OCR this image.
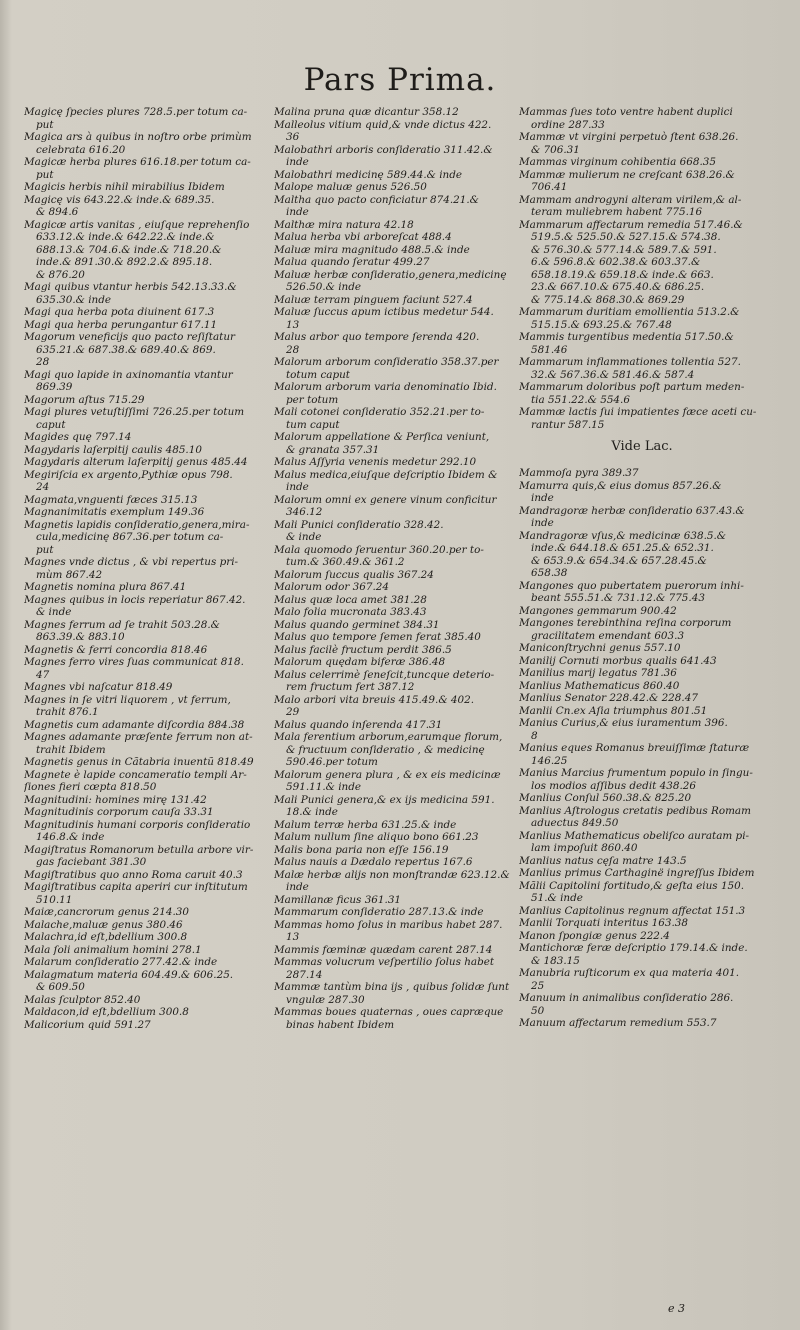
Pars Prima.
Magicę ſpecies plures 728.5.per totum ca-
put
Magica ars à quibus in noſtro orbe primùm
celebrata 616.20
Magicæ herba plures 616.18.per totum ca-
put
Magicis herbis nihil mirabilius Ibidem
Magicę vis 643.22.& inde.& 689.35.
& 894.6
Magicæ artis vanitas , eiuſque reprehenſio
633.12.& inde.& 642.22.& inde.&
688.13.& 704.6.& inde.& 718.20.&
inde.& 891.30.& 892.2.& 895.18.
& 876.20
Magi quibus vtantur herbis 542.13.33.&
635.30.& inde
Magi qua herba pota diuinent 617.3
Magi qua herba perungantur 617.11
Magorum veneficijs quo pacto reſiſtatur
635.21.& 687.38.& 689.40.& 869.
28
Magi quo lapide in axinomantia vtantur
869.39
Magorum aſtus 715.29
Magi plures vetuſtiſſimi 726.25.per totum
caput
Magides quę 797.14
Magydaris laſerpitij caulis 485.10
Magydaris alterum laſerpitij genus 485.44
Megiriſcia ex argento,Pythiæ opus 798.
24
Magmata,vnguenti fæces 315.13
Magnanimitatis exemplum 149.36
Magnetis lapidis conſideratio,genera,mira-
cula,medicinę 867.36.per totum ca-
put
Magnes vnde dictus , & vbi repertus pri-
mùm 867.42
Magnetis nomina plura 867.41
Magnes quibus in locis reperiatur 867.42.
& inde
Magnes ferrum ad ſe trahit 503.28.&
863.39.& 883.10
Magnetis & ferri concordia 818.46
Magnes ferro vires ſuas communicat 818.
47
Magnes vbi naſcatur 818.49
Magnes in ſe vitri liquorem , vt ferrum,
trahit 876.1
Magnetis cum adamante diſcordia 884.38
Magnes adamante præſente ferrum non at-
trahit Ibidem
Magnetis genus in Cãtabria inuentũ 818.49
Magnete è lapide concameratio templi Ar-
ſiones fieri cœpta 818.50
Magnitudini: homines mirę 131.42
Magnitudinis corporum cauſa 33.31
Magnitudinis humani corporis conſideratio
146.8.& inde
Magiſtratus Romanorum betulla arbore vir-
gas faciebant 381.30
Magiſtratibus quo anno Roma caruit 40.3
Magiſtratibus capita aperiri cur inſtitutum
510.11
Maiæ,cancrorum genus 214.30
Malache,maluæ genus 380.46
Malachra,id eſt,bdellium 300.8
Mala ſoli animalium homini 278.1
Malarum conſideratio 277.42.& inde
Malagmatum materia 604.49.& 606.25.
& 609.50
Malas ſculptor 852.40
Maldacon,id eſt,bdellium 300.8
Malicorium quid 591.27
Malina pruna quæ dicantur 358.12
Malleolus vitium quid,& vnde dictus 422.
36
Malobathri arboris conſideratio 311.42.&
inde
Malobathri medicinę 589.44.& inde
Malope maluæ genus 526.50
Maltha quo pacto conficiatur 874.21.&
inde
Malthæ mira natura 42.18
Malua herba vbi arboreſcat 488.4
Maluæ mira magnitudo 488.5.& inde
Malua quando ſeratur 499.27
Maluæ herbæ conſideratio,genera,medicinę
526.50.& inde
Maluæ terram pinguem faciunt 527.4
Maluæ ſuccus apum ictibus medetur 544.
13
Malus arbor quo tempore ſerenda 420.
28
Malorum arborum conſideratio 358.37.per
totum caput
Malorum arborum varia denominatio Ibid.
per totum
Mali cotonei conſideratio 352.21.per to-
tum caput
Malorum appellatione & Perſica veniunt,
& granata 357.31
Malus Aſſyria venenis medetur 292.10
Malus medica,eiuſque deſcriptio Ibidem &
inde
Malorum omni ex genere vinum conficitur
346.12
Mali Punici conſideratio 328.42.
& inde
Mala quomodo ſeruentur 360.20.per to-
tum.& 360.49.& 361.2
Malorum ſuccus qualis 367.24
Malorum odor 367.24
Malus quæ loca amet 381.28
Malo folia mucronata 383.43
Malus quando germinet 384.31
Malus quo tempore ſemen ferat 385.40
Malus facilè fructum perdit 386.5
Malorum quędam biferæ 386.48
Malus celerrimè ſeneſcit,tuncque deterio-
rem fructum fert 387.12
Malo arbori vita breuis 415.49.& 402.
29
Malus quando inſerenda 417.31
Mala ferentium arborum,earumque florum,
& fructuum conſideratio , & medicinę
590.46.per totum
Malorum genera plura , & ex eis medicinæ
591.11.& inde
Mali Punici genera,& ex ijs medicina 591.
18.& inde
Malum terræ herba 631.25.& inde
Malum nullum ſine aliquo bono 661.23
Malis bona paria non eſſe 156.19
Malus nauis a Dædalo repertus 167.6
Malæ herbæ alijs non monſtrandæ 623.12.&
inde
Mamillanæ ficus 361.31
Mammarum conſideratio 287.13.& inde
Mammas homo ſolus in maribus habet 287.
13
Mammis fœminæ quædam carent 287.14
Mammas volucrum veſpertilio ſolus habet
287.14
Mammæ tantùm bina ijs , quibus ſolidæ ſunt
vngulæ 287.30
Mammas boues quaternas , oues capræque
binas habent Ibidem
Mammas ſues toto ventre habent duplici
ordine 287.33
Mammæ vt virgini perpetuò ſtent 638.26.
& 706.31
Mammas virginum cohibentia 668.35
Mammæ mulierum ne creſcant 638.26.&
706.41
Mammam androgyni alteram virilem,& al-
teram muliebrem habent 775.16
Mammarum affectarum remedia 517.46.&
519.5.& 525.50.& 527.15.& 574.38.
& 576.30.& 577.14.& 589.7.& 591.
6.& 596.8.& 602.38.& 603.37.&
658.18.19.& 659.18.& inde.& 663.
23.& 667.10.& 675.40.& 686.25.
& 775.14.& 868.30.& 869.29
Mammarum duritiam emollientia 513.2.&
515.15.& 693.25.& 767.48
Mammis turgentibus medentia 517.50.&
581.46
Mammarum inflammationes tollentia 527.
32.& 567.36.& 581.46.& 587.4
Mammarum doloribus poſt partum meden-
tia 551.22.& 554.6
Mammæ lactis ſui impatientes fæce aceti cu-
rantur 587.15
Vide Lac.
Mammoſa pyra 389.37
Mamurra quis,& eius domus 857.26.&
inde
Mandragoræ herbæ conſideratio 637.43.&
inde
Mandragoræ vſus,& medicinæ 638.5.&
inde.& 644.18.& 651.25.& 652.31.
& 653.9.& 654.34.& 657.28.45.&
658.38
Mangones quo pubertatem puerorum inhi-
beant 555.51.& 731.12.& 775.43
Mangones gemmarum 900.42
Mangones terebinthina reſina corporum
gracilitatem emendant 603.3
Maniconſtrychni genus 557.10
Manilij Cornuti morbus qualis 641.43
Manilius marij legatus 781.36
Manlius Mathematicus 860.40
Manlius Senator 228.42.& 228.47
Manlii Cn.ex Aſia triumphus 801.51
Manius Curius,& eius iuramentum 396.
8
Manius eques Romanus breuiſſimæ ſtaturæ
146.25
Manius Marcius frumentum populo in ſingu-
los modios aſſibus dedit 438.26
Manlius Conſul 560.38.& 825.20
Manlius Aſtrologus cretatis pedibus Romam
aduectus 849.50
Manlius Mathematicus obeliſco auratam pi-
lam impoſuit 860.40
Manlius natus cęſa matre 143.5
Manlius primus Carthaginë ingreſſus Ibidem
Mãlii Capitolini fortitudo,& geſta eius 150.
51.& inde
Manlius Capitolinus regnum affectat 151.3
Manlii Torquati interitus 163.38
Manon ſpongiæ genus 222.4
Mantichoræ feræ deſcriptio 179.14.& inde.
& 183.15
Manubria ruſticorum ex qua materia 401.
25
Manuum in animalibus conſideratio 286.
50
Manuum affectarum remedium 553.7
e 3
